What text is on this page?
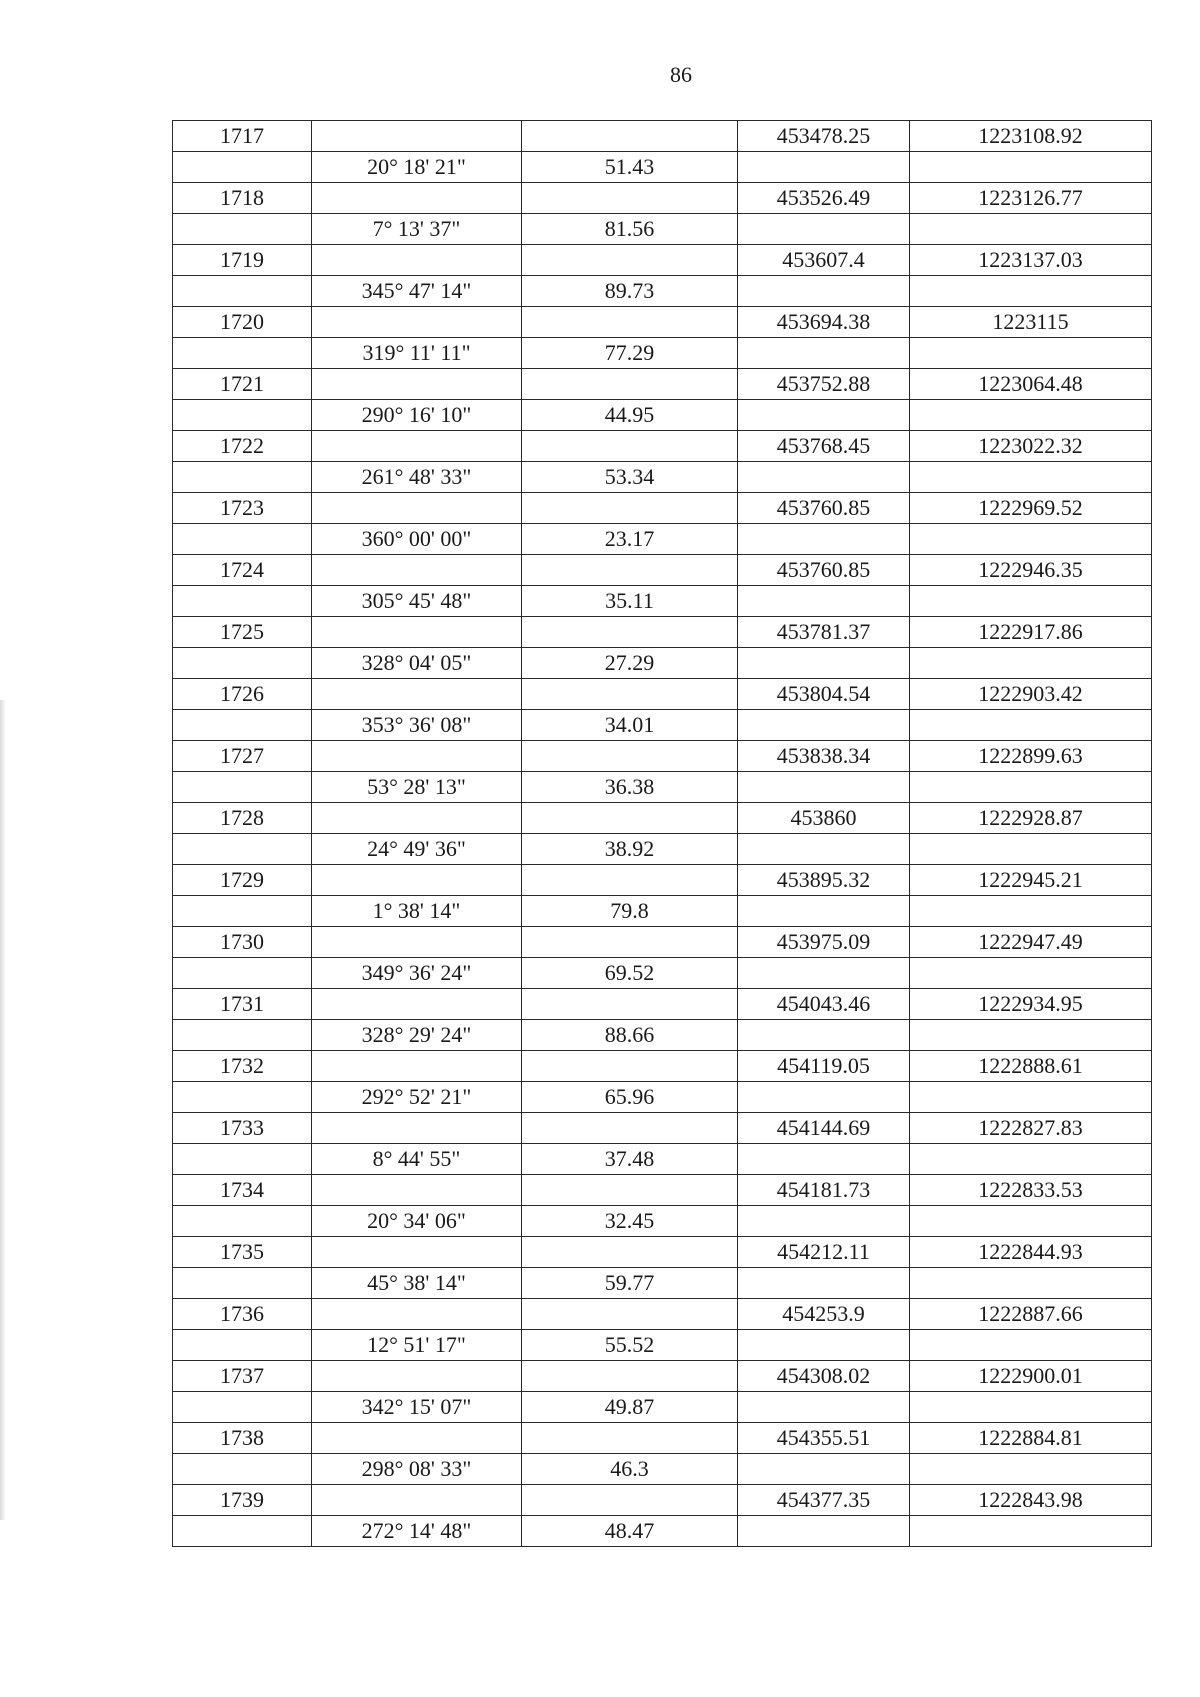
86
1717			453478.25	1223108.92
	20° 18' 21"	51.43		
1718			453526.49	1223126.77
	7° 13' 37"	81.56		
1719			453607.4	1223137.03
	345° 47' 14"	89.73		
1720			453694.38	1223115
	319° 11' 11"	77.29		
1721			453752.88	1223064.48
	290° 16' 10"	44.95		
1722			453768.45	1223022.32
	261° 48' 33"	53.34		
1723			453760.85	1222969.52
	360° 00' 00"	23.17		
1724			453760.85	1222946.35
	305° 45' 48"	35.11		
1725			453781.37	1222917.86
	328° 04' 05"	27.29		
1726			453804.54	1222903.42
	353° 36' 08"	34.01		
1727			453838.34	1222899.63
	53° 28' 13"	36.38		
1728			453860	1222928.87
	24° 49' 36"	38.92		
1729			453895.32	1222945.21
	1° 38' 14"	79.8		
1730			453975.09	1222947.49
	349° 36' 24"	69.52		
1731			454043.46	1222934.95
	328° 29' 24"	88.66		
1732			454119.05	1222888.61
	292° 52' 21"	65.96		
1733			454144.69	1222827.83
	8° 44' 55"	37.48		
1734			454181.73	1222833.53
	20° 34' 06"	32.45		
1735			454212.11	1222844.93
	45° 38' 14"	59.77		
1736			454253.9	1222887.66
	12° 51' 17"	55.52		
1737			454308.02	1222900.01
	342° 15' 07"	49.87		
1738			454355.51	1222884.81
	298° 08' 33"	46.3		
1739			454377.35	1222843.98
	272° 14' 48"	48.47		
